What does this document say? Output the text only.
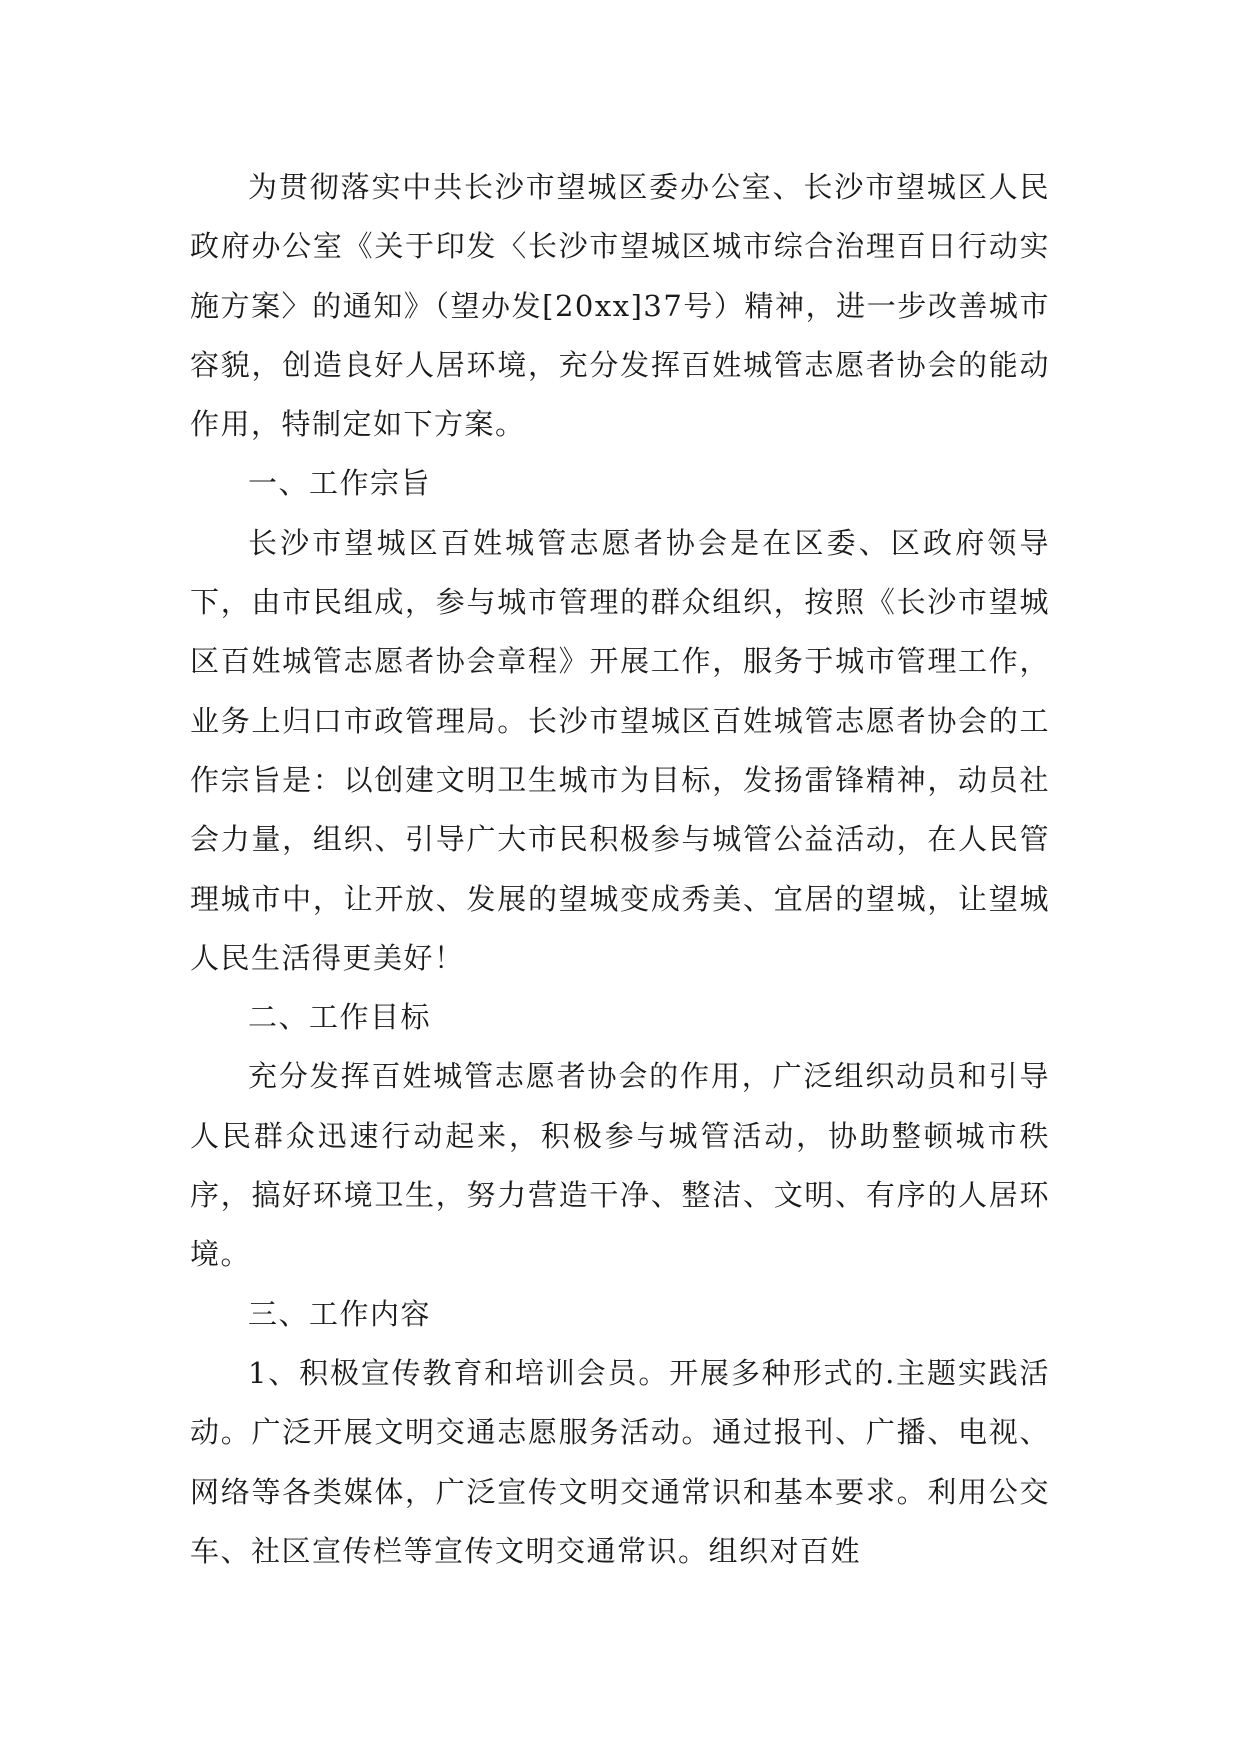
为贯彻落实中共长沙市望城区委办公室、长沙市望城区人民政府办公室《关于印发〈长沙市望城区城市综合治理百日行动实施方案〉的通知》（望办发[20xx]37号）精神，进一步改善城市容貌，创造良好人居环境，充分发挥百姓城管志愿者协会的能动作用，特制定如下方案。

一、工作宗旨

长沙市望城区百姓城管志愿者协会是在区委、区政府领导下，由市民组成，参与城市管理的群众组织，按照《长沙市望城区百姓城管志愿者协会章程》开展工作，服务于城市管理工作，业务上归口市政管理局。长沙市望城区百姓城管志愿者协会的工作宗旨是：以创建文明卫生城市为目标，发扬雷锋精神，动员社会力量，组织、引导广大市民积极参与城管公益活动，在人民管理城市中，让开放、发展的望城变成秀美、宜居的望城，让望城人民生活得更美好！

二、工作目标

充分发挥百姓城管志愿者协会的作用，广泛组织动员和引导人民群众迅速行动起来，积极参与城管活动，协助整顿城市秩序，搞好环境卫生，努力营造干净、整洁、文明、有序的人居环境。

三、工作内容

1、积极宣传教育和培训会员。开展多种形式的.主题实践活动。广泛开展文明交通志愿服务活动。通过报刊、广播、电视、网络等各类媒体，广泛宣传文明交通常识和基本要求。利用公交车、社区宣传栏等宣传文明交通常识。组织对百姓
